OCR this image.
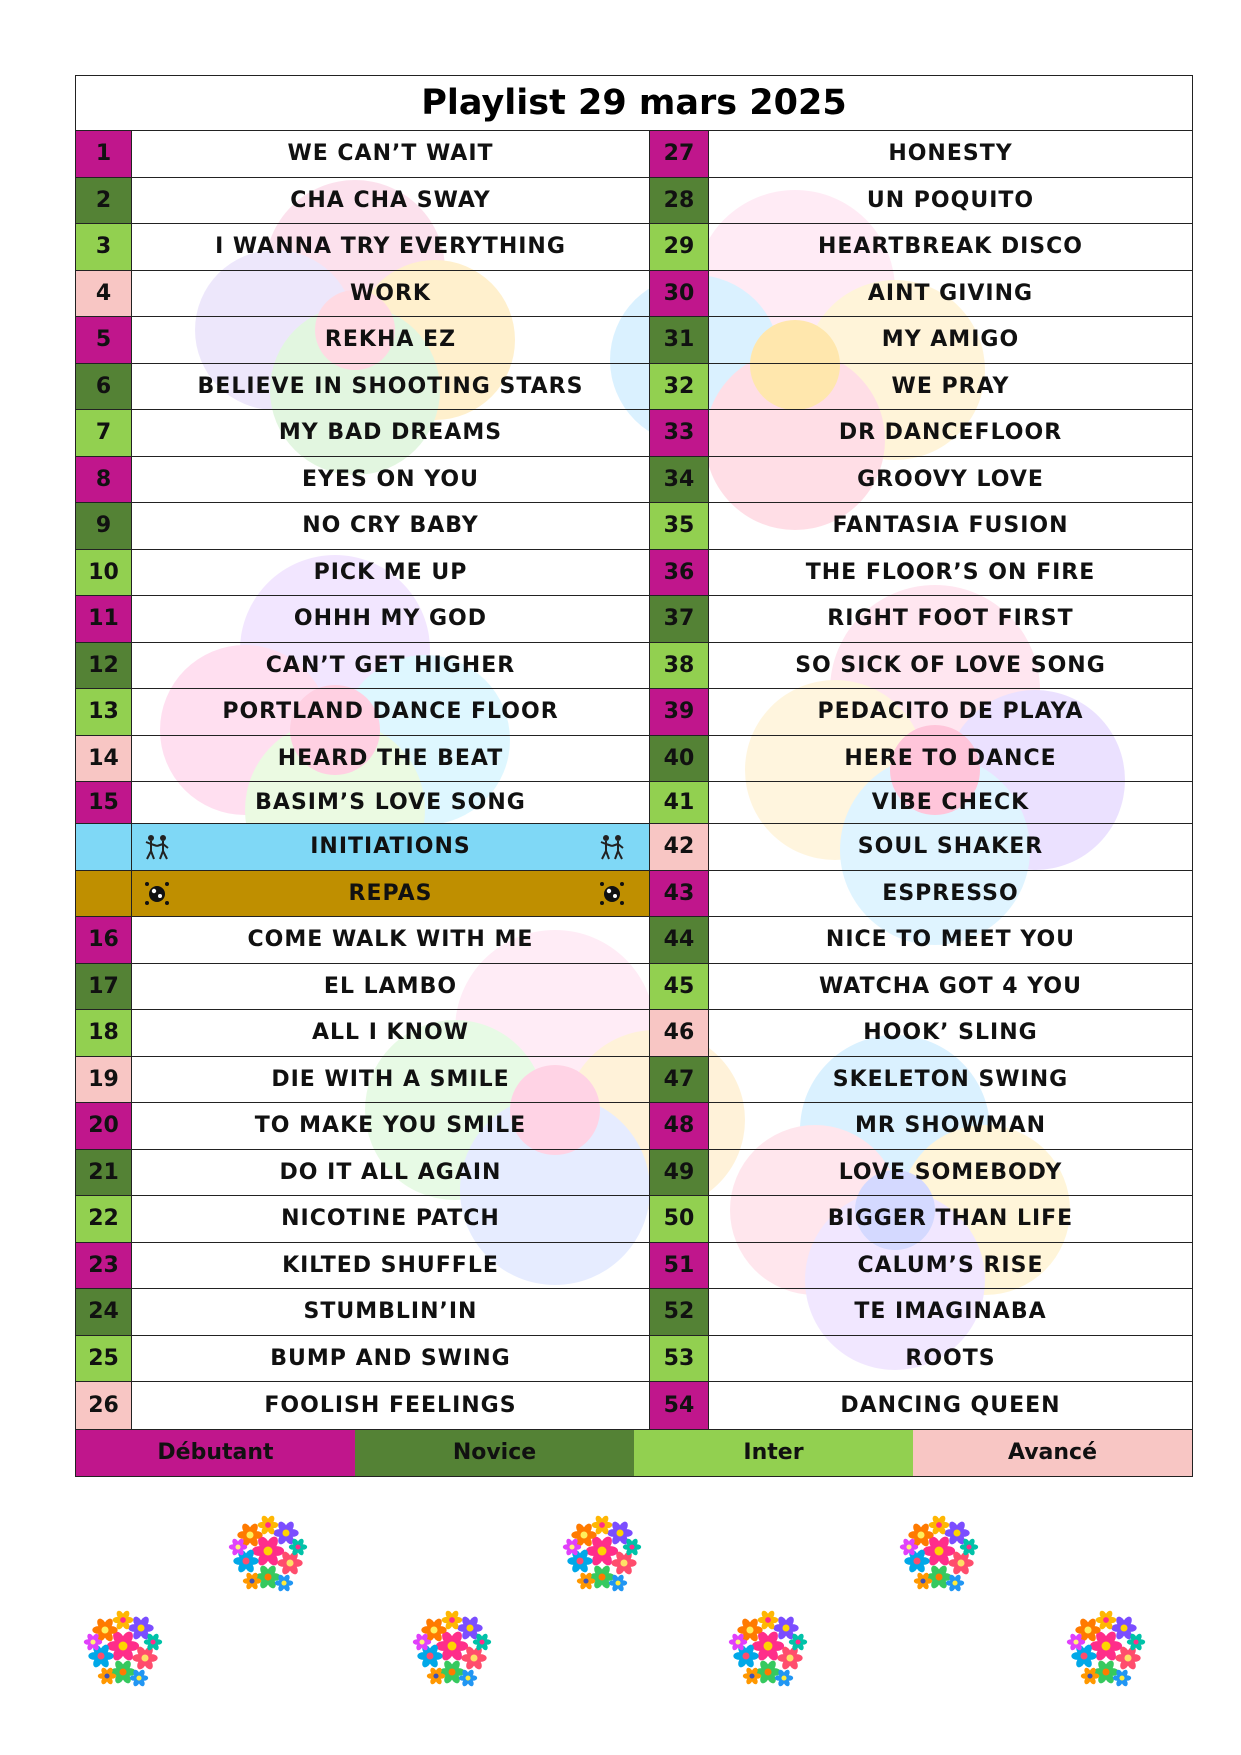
Playlist 29 mars 2025
1	WE CAN’T WAIT
2	CHA CHA SWAY
3	I WANNA TRY EVERYTHING
4	WORK
5	REKHA EZ
6	BELIEVE IN SHOOTING STARS
7	MY BAD DREAMS
8	EYES ON YOU
9	NO CRY BABY
10	PICK ME UP
11	OHHH MY GOD
12	CAN’T GET HIGHER
13	PORTLAND DANCE FLOOR
14	HEARD THE BEAT
15	BASIM’S LOVE SONG
INITIATIONS
REPAS
16	COME WALK WITH ME
17	EL LAMBO
18	ALL I KNOW
19	DIE WITH A SMILE
20	TO MAKE YOU SMILE
21	DO IT ALL AGAIN
22	NICOTINE PATCH
23	KILTED SHUFFLE
24	STUMBLIN’IN
25	BUMP AND SWING
26	FOOLISH FEELINGS
27	HONESTY
28	UN POQUITO
29	HEARTBREAK DISCO
30	AINT GIVING
31	MY AMIGO
32	WE PRAY
33	DR DANCEFLOOR
34	GROOVY LOVE
35	FANTASIA FUSION
36	THE FLOOR’S ON FIRE
37	RIGHT FOOT FIRST
38	SO SICK OF LOVE SONG
39	PEDACITO DE PLAYA
40	HERE TO DANCE
41	VIBE CHECK
42	SOUL SHAKER
43	ESPRESSO
44	NICE TO MEET YOU
45	WATCHA GOT 4 YOU
46	HOOK’ SLING
47	SKELETON SWING
48	MR SHOWMAN
49	LOVE SOMEBODY
50	BIGGER THAN LIFE
51	CALUM’S RISE
52	TE IMAGINABA
53	ROOTS
54	DANCING QUEEN
Débutant	Novice	Inter	Avancé
